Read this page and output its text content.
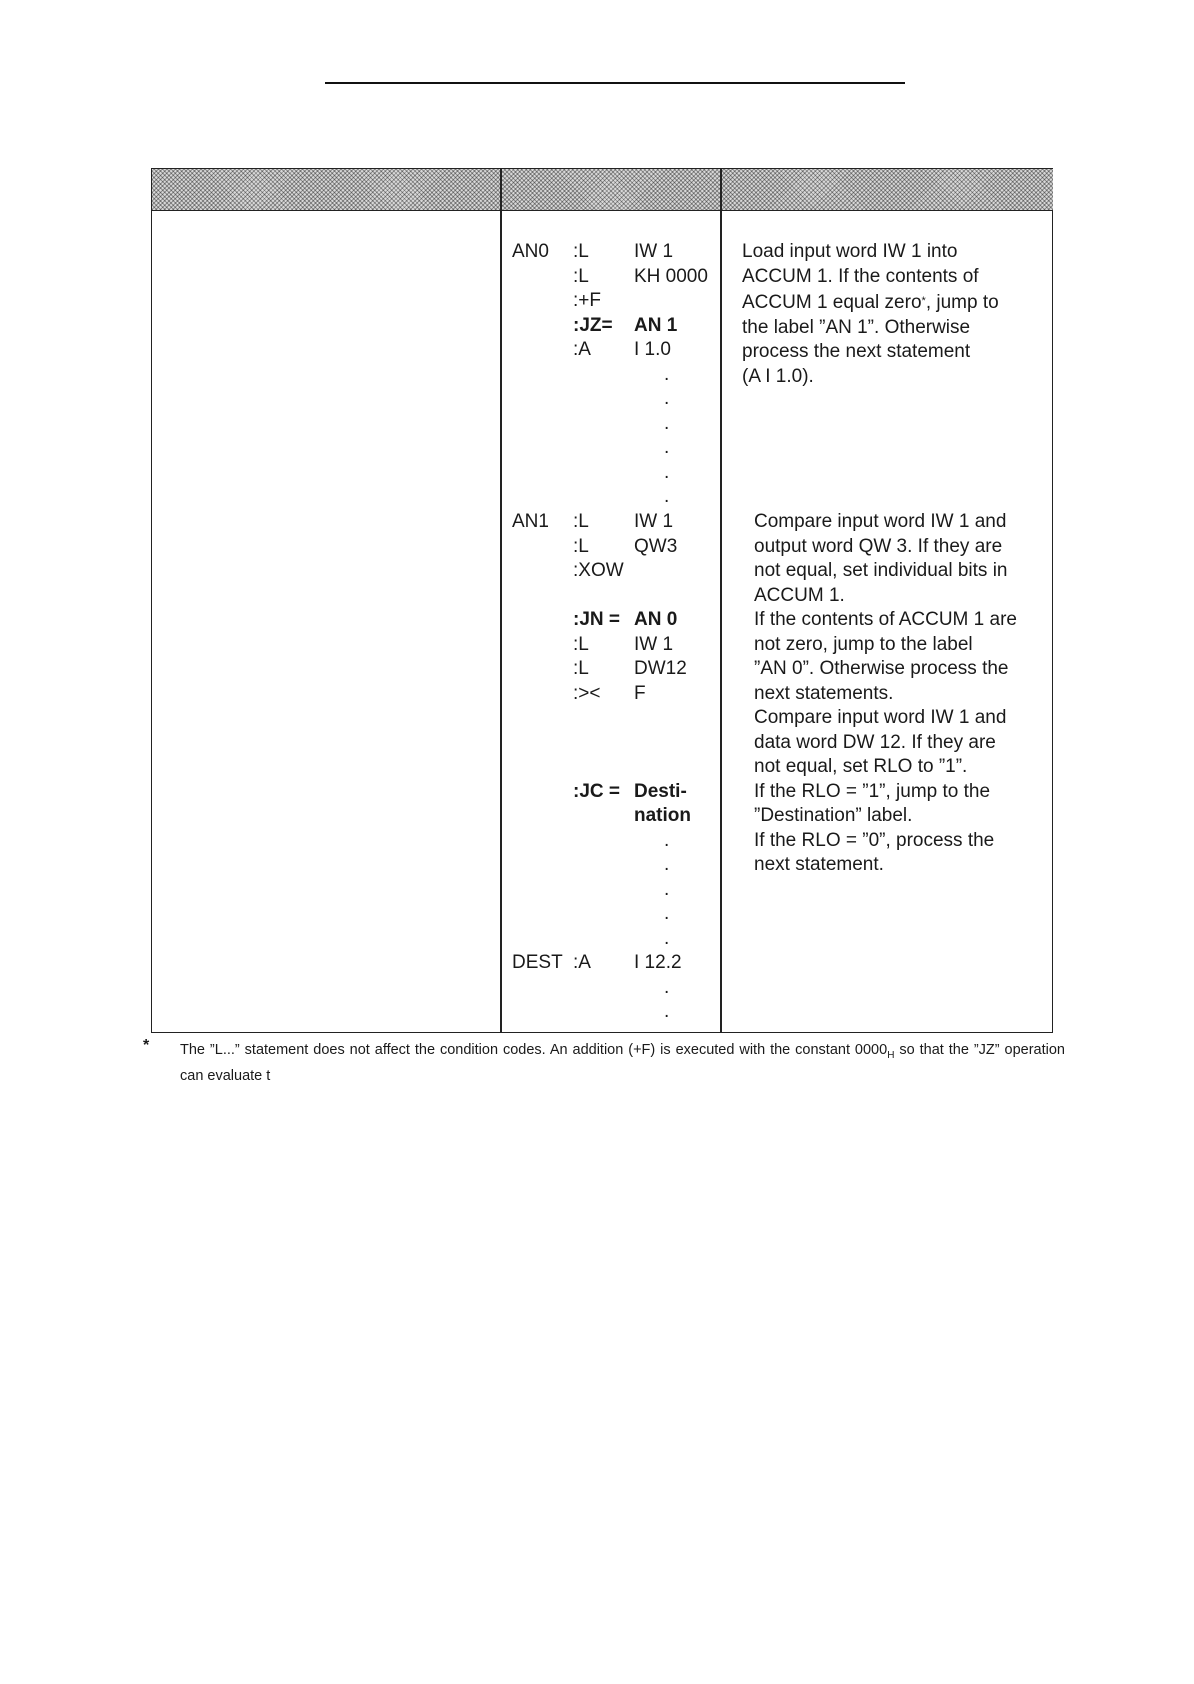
AN0 :L IW 1
:L KH 0000
:+F
:JZ= AN 1
:A I 1.0
.
.
.
.
.
.
AN1 :L IW 1
:L QW3
:XOW
:JN = AN 0
:L IW 1
:L DW12
:>< F
:JC = Desti-
nation
.
.
.
.
.
DEST :A I 12.2
.
.
Load input word IW 1 into
ACCUM 1. If the contents of
ACCUM 1 equal zero*, jump to
the label ”AN 1”. Otherwise
process the next statement
(A I 1.0).
Compare input word IW 1 and
output word QW 3. If they are
not equal, set individual bits in
ACCUM 1.
If the contents of ACCUM 1 are
not zero, jump to the label
”AN 0”. Otherwise process the
next statements.
Compare input word IW 1 and
data word DW 12. If they are
not equal, set RLO to ”1”.
If the RLO = ”1”, jump to the
”Destination” label.
If the RLO = ”0”, process the
next statement.
* The ”L...” statement does not affect the condition codes. An addition (+F) is executed with the constant $0000_H$ so that the ”JZ” operation can evaluate t
